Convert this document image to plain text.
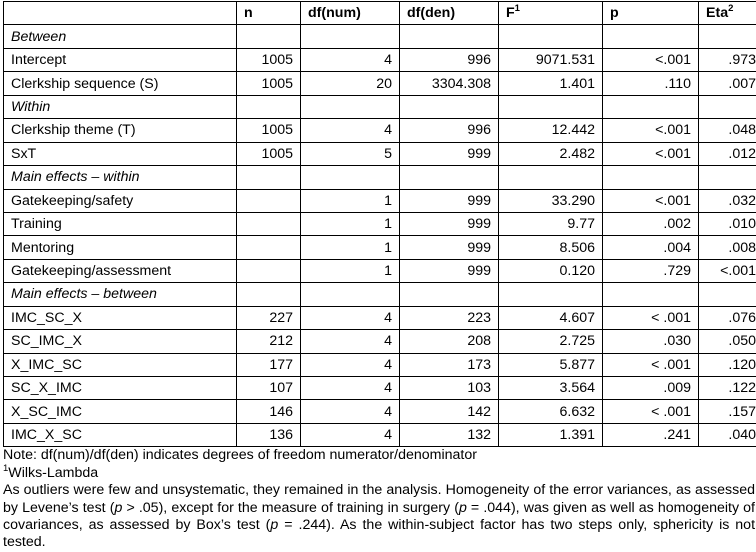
	n	df(num)	df(den)	$F^1$	p	Eta$^2$
Between						
Intercept	1005	4	996	9071.531	<.001	.973
Clerkship sequence (S)	1005	20	3304.308	1.401	.110	.007
Within						
Clerkship theme (T)	1005	4	996	12.442	<.001	.048
SxT	1005	5	999	2.482	<.001	.012
Main effects – within						
Gatekeeping/safety		1	999	33.290	<.001	.032
Training		1	999	9.77	.002	.010
Mentoring		1	999	8.506	.004	.008
Gatekeeping/assessment		1	999	0.120	.729	<.001
Main effects – between						
IMC_SC_X	227	4	223	4.607	< .001	.076
SC_IMC_X	212	4	208	2.725	.030	.050
X_IMC_SC	177	4	173	5.877	< .001	.120
SC_X_IMC	107	4	103	3.564	.009	.122
X_SC_IMC	146	4	142	6.632	< .001	.157
IMC_X_SC	136	4	132	1.391	.241	.040

Note: df(num)/df(den) indicates degrees of freedom numerator/denominator

$^1$Wilks-Lambda

As outliers were few and unsystematic, they remained in the analysis. Homogeneity of the error variances, as assessed by Levene’s test (p > .05), except for the measure of training in surgery (p = .044), was given as well as homogeneity of covariances, as assessed by Box’s test (p = .244). As the within-subject factor has two steps only, sphericity is not tested.
